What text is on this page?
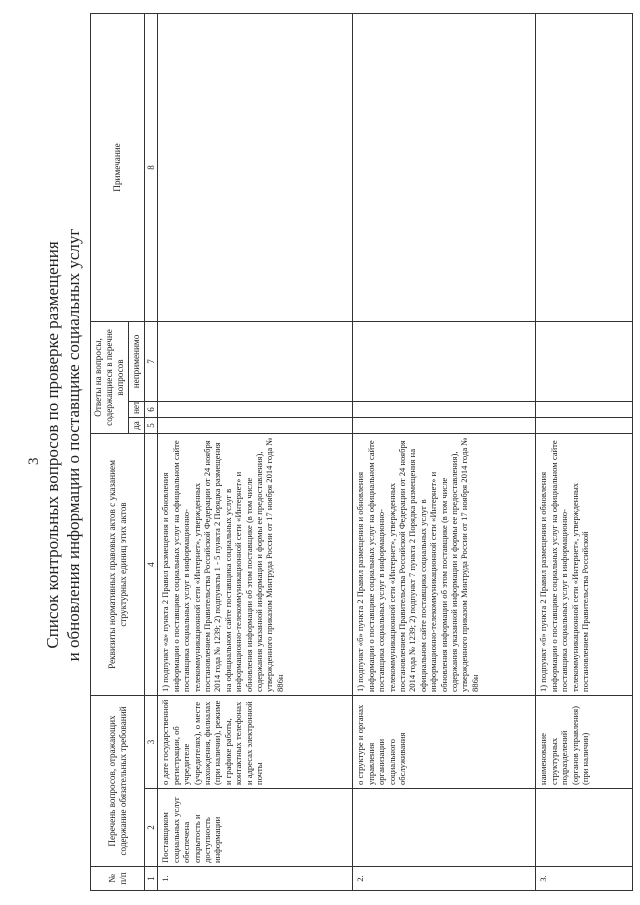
3 Список контрольных вопросов по проверке размещения и обновления информации о поставщике социальных услуг
№ п/п	Перечень вопросов, отражающих содержание обязательных требований		Реквизиты нормативных правовых актов с указанием структурных единиц этих актов	Ответы на вопросы, содержащиеся в перечне вопросов			Примечание
				да	нет	неприменимо	
1	2	3	4	5	6	7	8
1.	Поставщиком социальных услуг обеспечена открытость и доступность информации	о дате государственной регистрации, об учредителе (учредителях), о месте нахождения, филиалах (при наличии), режиме и графике работы, контактных телефонах и адресах электронной почты	1) подпункт «а» пункта 2 Правил размещения и обновления информации о поставщике социальных услуг на официальном сайте поставщика социальных услуг в информационно-телекоммуникационной сети «Интернет», утвержденных постановлением Правительства Российской Федерации от 24 ноября 2014 года № 1239; 2) подпункты 1 - 5 пункта 2 Порядка размещения на официальном сайте поставщика социальных услуг в информационно-телекоммуникационной сети «Интернет» и обновления информации об этом поставщике (в том числе содержания указанной информации и формы ее предоставления), утвержденного приказом Минтруда России от 17 ноября 2014 года № 886н				
2.		о структуре и органах управления организации социального обслуживания	1) подпункт «б» пункта 2 Правил размещения и обновления информации о поставщике социальных услуг на официальном сайте поставщика социальных услуг в информационно-телекоммуникационной сети «Интернет», утвержденных постановлением Правительства Российской Федерации от 24 ноября 2014 года № 1239; 2) подпункт 7 пункта 2 Порядка размещения на официальном сайте поставщика социальных услуг в информационно-телекоммуникационной сети «Интернет» и обновления информации об этом поставщике (в том числе содержания указанной информации и формы ее предоставления), утвержденного приказом Минтруда России от 17 ноября 2014 года № 886н				
3.		наименование структурных подразделений (органов управления) (при наличии)	1) подпункт «б» пункта 2 Правил размещения и обновления информации о поставщике социальных услуг на официальном сайте поставщика социальных услуг в информационно-телекоммуникационной сети «Интернет», утвержденных постановлением Правительства Российской				
